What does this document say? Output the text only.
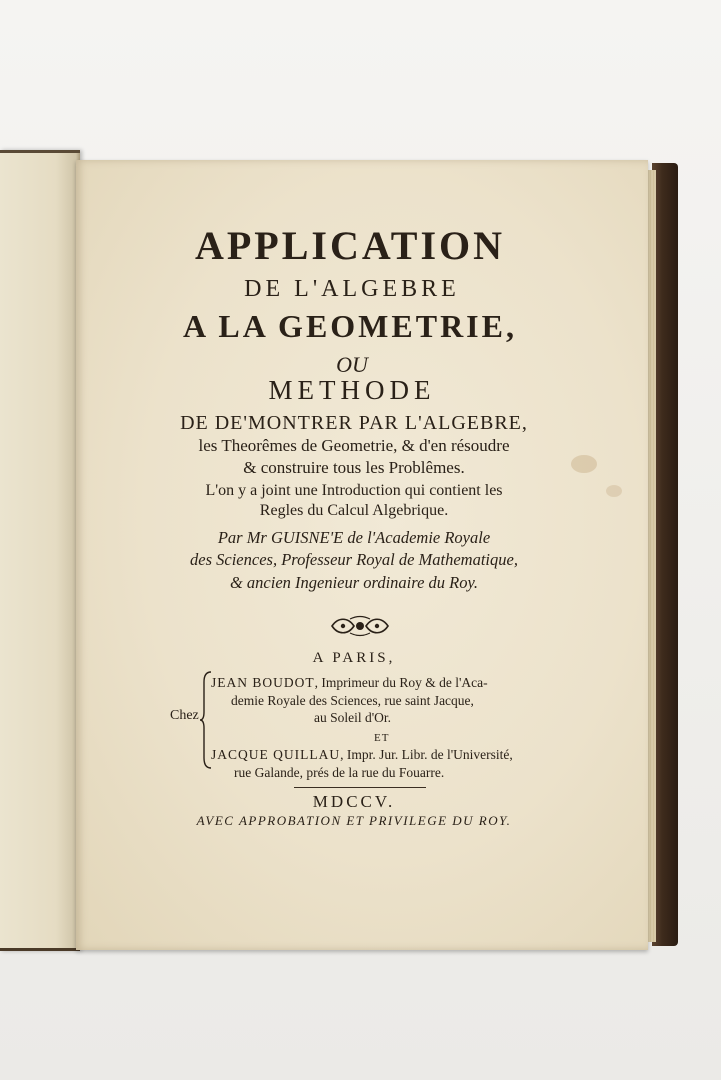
APPLICATION
DE L'ALGEBRE
A LA GEOMETRIE,
OU
METHODE
DE DE'MONTRER PAR L'ALGEBRE,
les Theorêmes de Geometrie, & d'en résoudre
& construire tous les Problêmes.
L'on y a joint une Introduction qui contient les
Regles du Calcul Algebrique.
Par Mr GUISNE'E de l'Academie Royale
des Sciences, Professeur Royal de Mathematique,
& ancien Ingenieur ordinaire du Roy.
A PARIS,
Chez
JEAN BOUDOT, Imprimeur du Roy & de l'Aca-
demie Royale des Sciences, rue saint Jacque,
au Soleil d'Or.
ET
JACQUE QUILLAU, Impr. Jur. Libr. de l'Université,
rue Galande, prés de la rue du Fouarre.
MDCCV.
AVEC APPROBATION ET PRIVILEGE DU ROY.
